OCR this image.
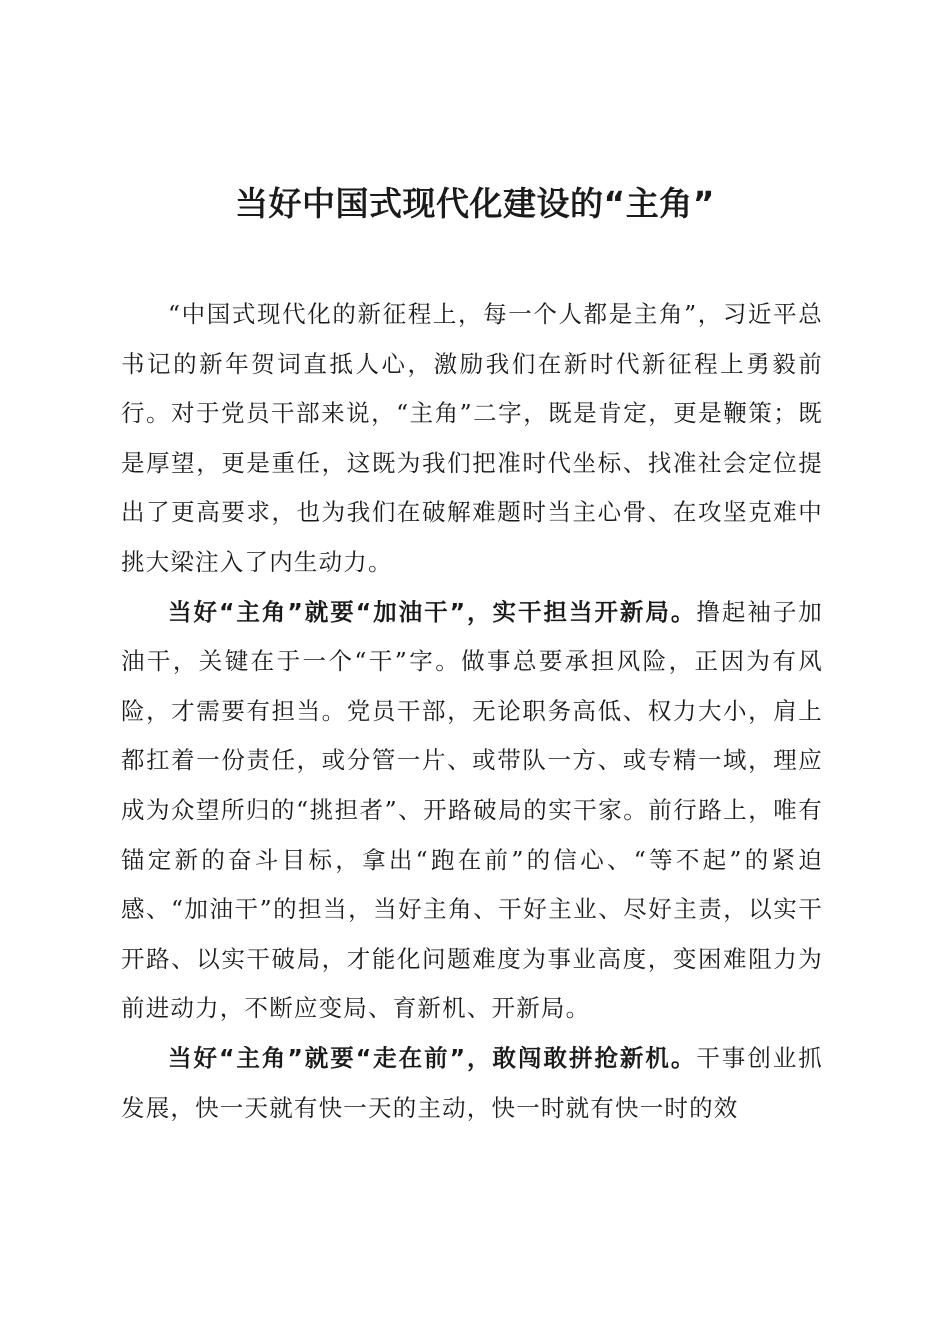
当好中国式现代化建设的“主角”

“中国式现代化的新征程上，每一个人都是主角”，习近平总书记的新年贺词直抵人心，激励我们在新时代新征程上勇毅前行。对于党员干部来说，“主角”二字，既是肯定，更是鞭策；既是厚望，更是重任，这既为我们把准时代坐标、找准社会定位提出了更高要求，也为我们在破解难题时当主心骨、在攻坚克难中挑大梁注入了内生动力。

当好“主角”就要“加油干”，实干担当开新局。撸起袖子加油干，关键在于一个“干”字。做事总要承担风险，正因为有风险，才需要有担当。党员干部，无论职务高低、权力大小，肩上都扛着一份责任，或分管一片、或带队一方、或专精一域，理应成为众望所归的“挑担者”、开路破局的实干家。前行路上，唯有锚定新的奋斗目标，拿出“跑在前”的信心、“等不起”的紧迫感、“加油干”的担当，当好主角、干好主业、尽好主责，以实干开路、以实干破局，才能化问题难度为事业高度，变困难阻力为前进动力，不断应变局、育新机、开新局。

当好“主角”就要“走在前”，敢闯敢拼抢新机。干事创业抓发展，快一天就有快一天的主动，快一时就有快一时的效
